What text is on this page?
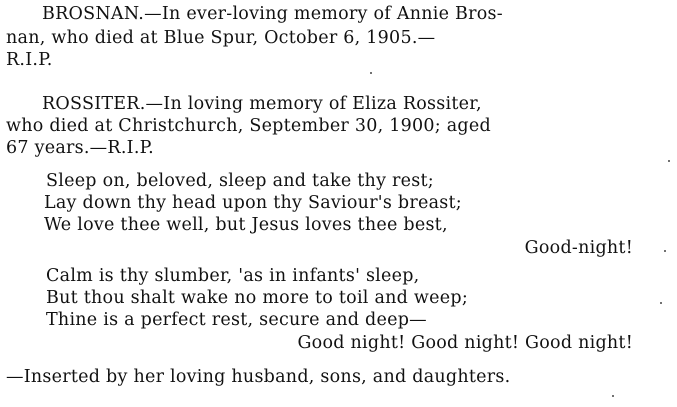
BROSNAN.—In ever-loving memory of Annie Bros-
nan, who died at Blue Spur, October 6, 1905.—
R.I.P.
ROSSITER.—In loving memory of Eliza Rossiter,
who died at Christchurch, September 30, 1900; aged
67 years.—R.I.P.
Sleep on, beloved, sleep and take thy rest;
Lay down thy head upon thy Saviour's breast;
We love thee well, but Jesus loves thee best,
Good-night!
Calm is thy slumber, 'as in infants' sleep,
But thou shalt wake no more to toil and weep;
Thine is a perfect rest, secure and deep—
Good night! Good night! Good night!
—Inserted by her loving husband, sons, and daughters.
